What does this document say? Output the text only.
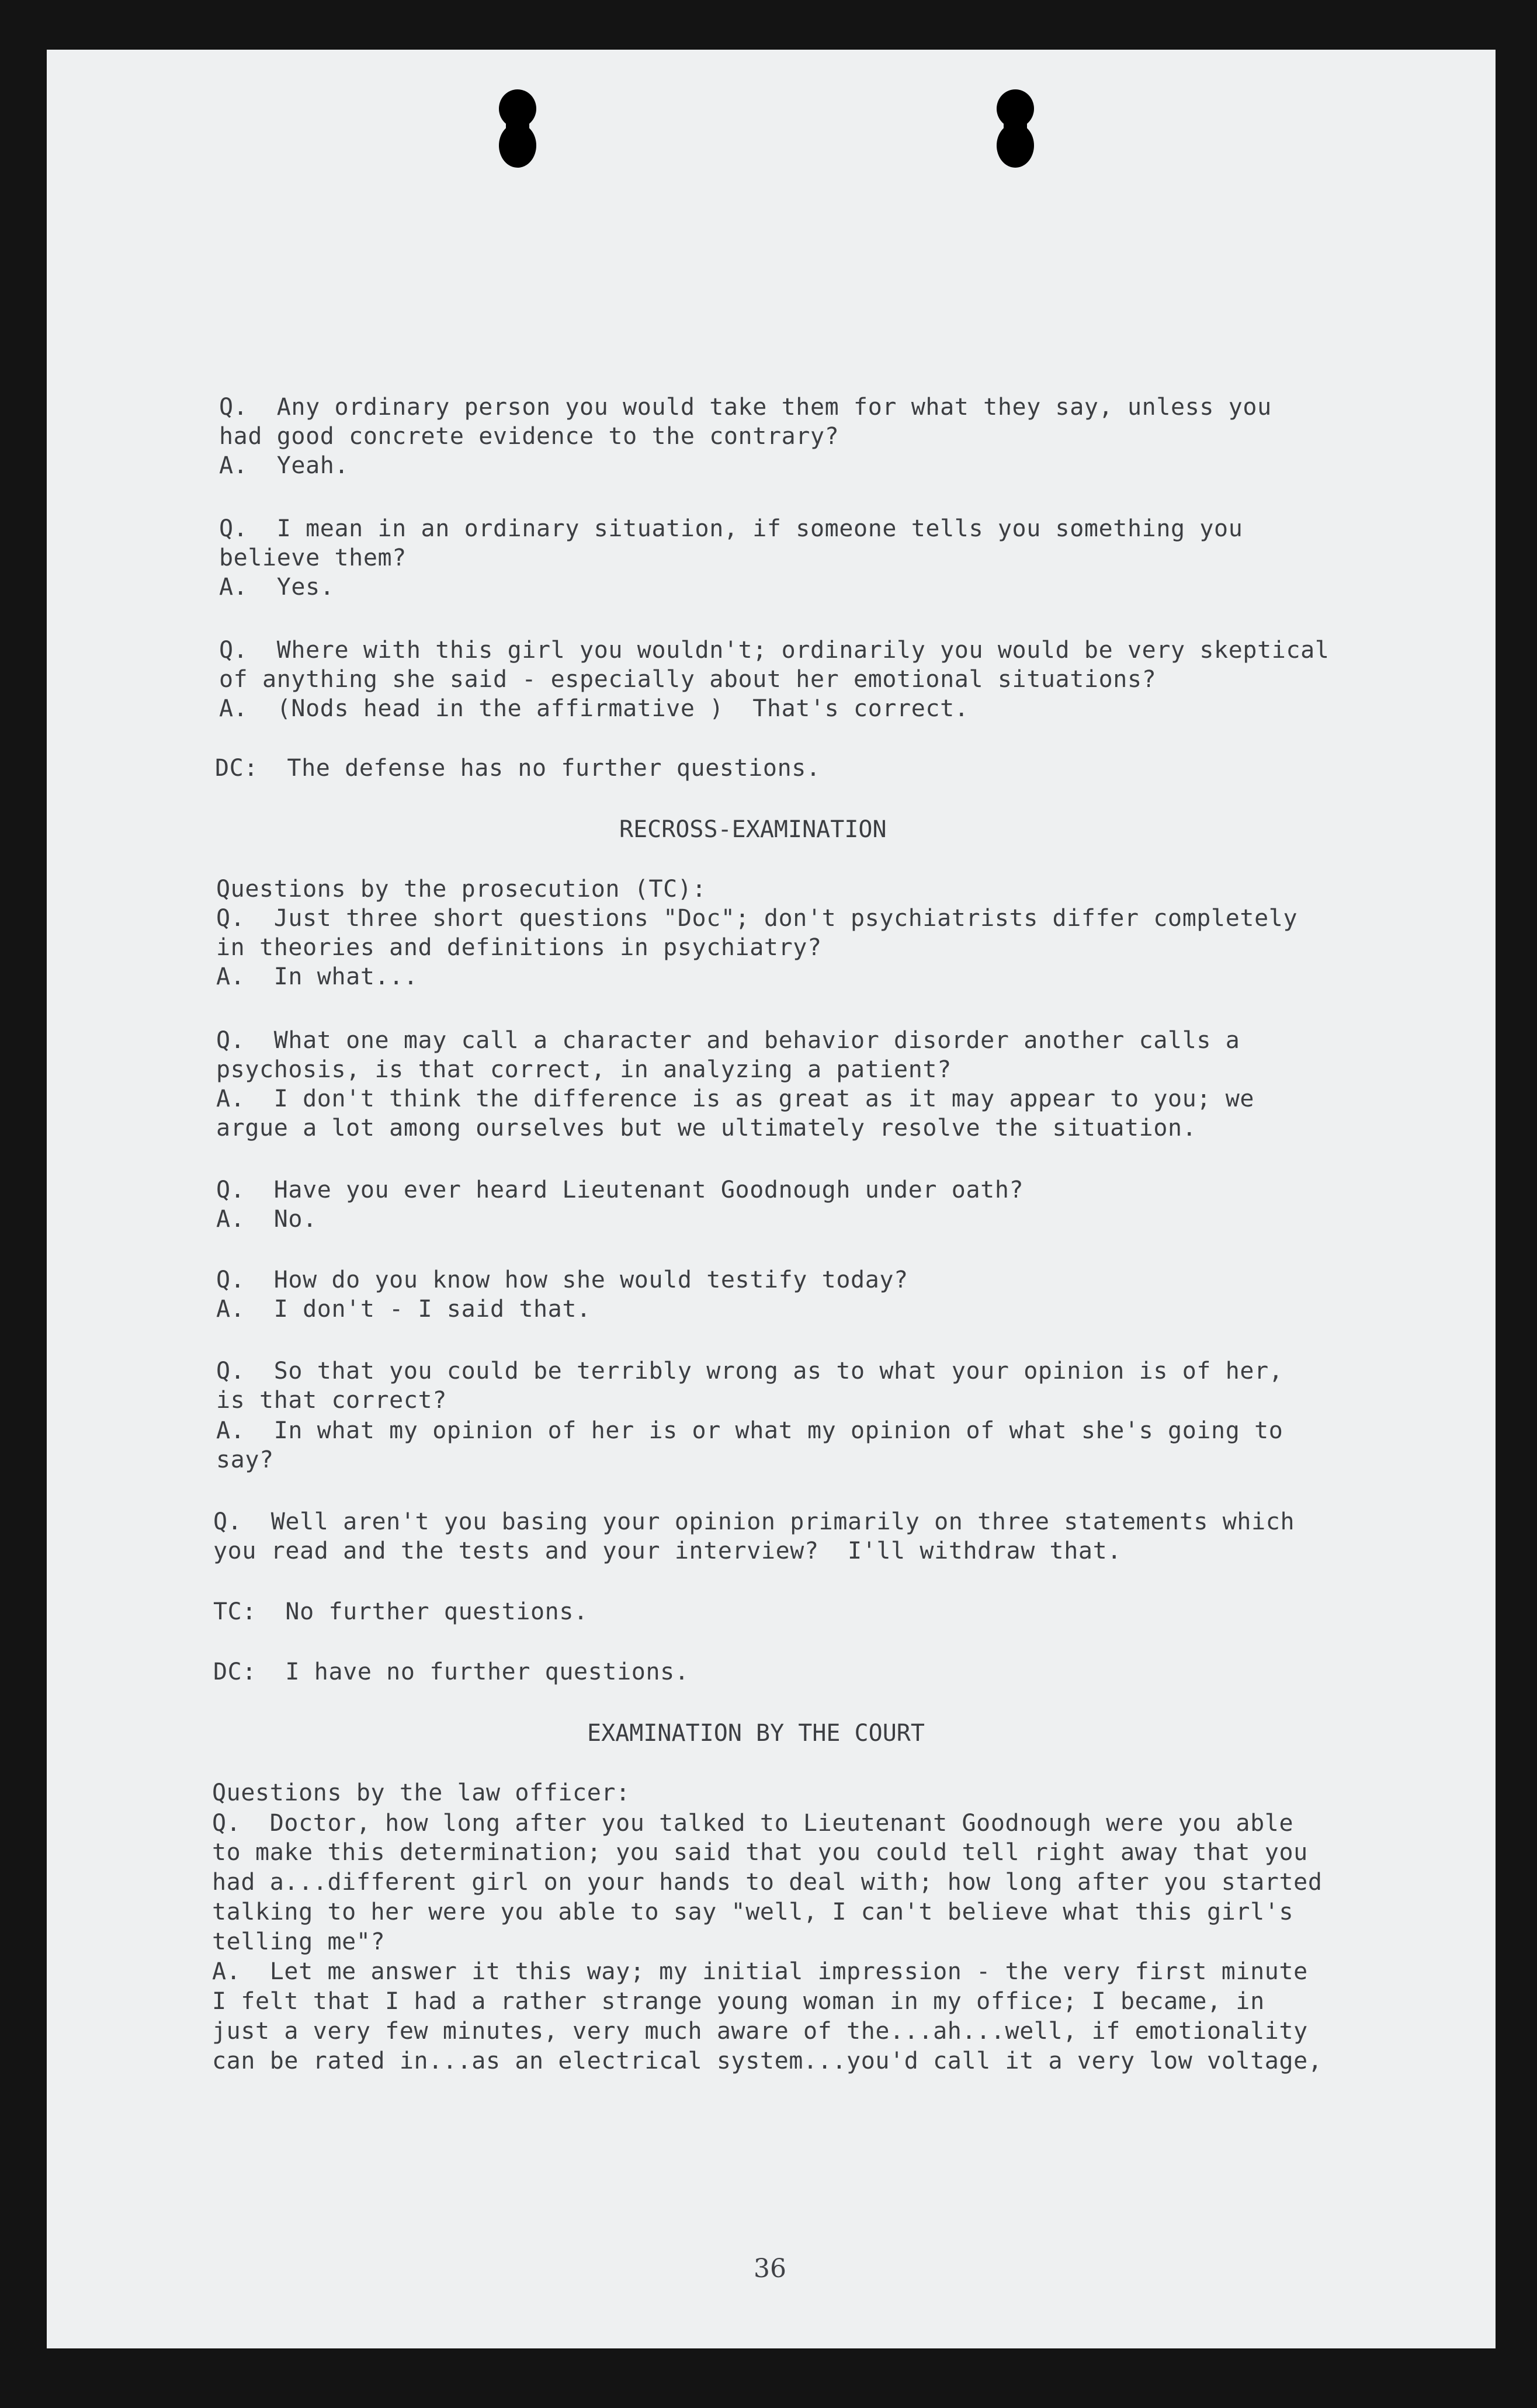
Q.  Any ordinary person you would take them for what they say, unless you
had good concrete evidence to the contrary?
A.  Yeah.
Q.  I mean in an ordinary situation, if someone tells you something you
believe them?
A.  Yes.
Q.  Where with this girl you wouldn't; ordinarily you would be very skeptical
of anything she said - especially about her emotional situations?
A.  (Nods head in the affirmative )  That's correct.
DC:  The defense has no further questions.
RECROSS-EXAMINATION
Questions by the prosecution (TC):
Q.  Just three short questions "Doc"; don't psychiatrists differ completely
in theories and definitions in psychiatry?
A.  In what...
Q.  What one may call a character and behavior disorder another calls a
psychosis, is that correct, in analyzing a patient?
A.  I don't think the difference is as great as it may appear to you; we
argue a lot among ourselves but we ultimately resolve the situation.
Q.  Have you ever heard Lieutenant Goodnough under oath?
A.  No.
Q.  How do you know how she would testify today?
A.  I don't - I said that.
Q.  So that you could be terribly wrong as to what your opinion is of her,
is that correct?
A.  In what my opinion of her is or what my opinion of what she's going to
say?
Q.  Well aren't you basing your opinion primarily on three statements which
you read and the tests and your interview?  I'll withdraw that.
TC:  No further questions.
DC:  I have no further questions.
EXAMINATION BY THE COURT
Questions by the law officer:
Q.  Doctor, how long after you talked to Lieutenant Goodnough were you able
to make this determination; you said that you could tell right away that you
had a...different girl on your hands to deal with; how long after you started
talking to her were you able to say "well, I can't believe what this girl's
telling me"?
A.  Let me answer it this way; my initial impression - the very first minute
I felt that I had a rather strange young woman in my office; I became, in
just a very few minutes, very much aware of the...ah...well, if emotionality
can be rated in...as an electrical system...you'd call it a very low voltage,
36
